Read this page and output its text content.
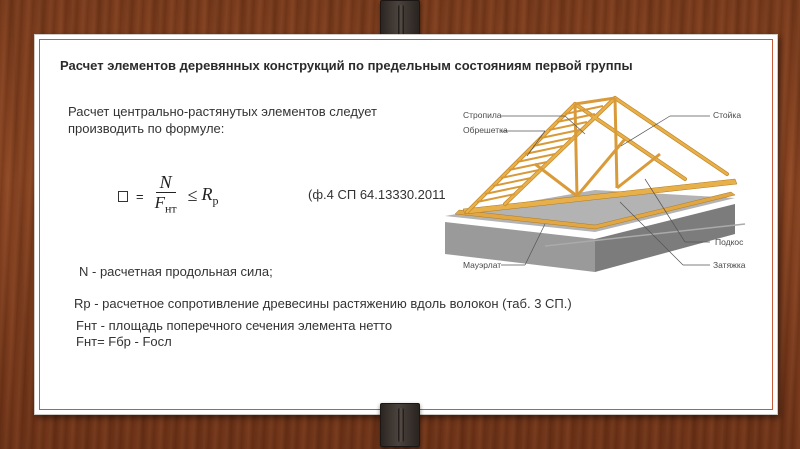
Расчет элементов деревянных конструкций по предельным состояниям первой группы
Расчет центрально-растянутых элементов следует производить по формуле:
= $\frac{N}{F_{нт}} \le R_р$	(ф.4 СП 64.13330.2011)
N - расчетная продольная сила;
Rp - расчетное сопротивление древесины растяжению вдоль волокон (таб. 3 СП.)
Fнт - площадь поперечного сечения элемента нетто
Fнт= Fбр - Fосл
Стропила
Обрешетка
Стойка
Подкос
Мауэрлат	Затяжка
